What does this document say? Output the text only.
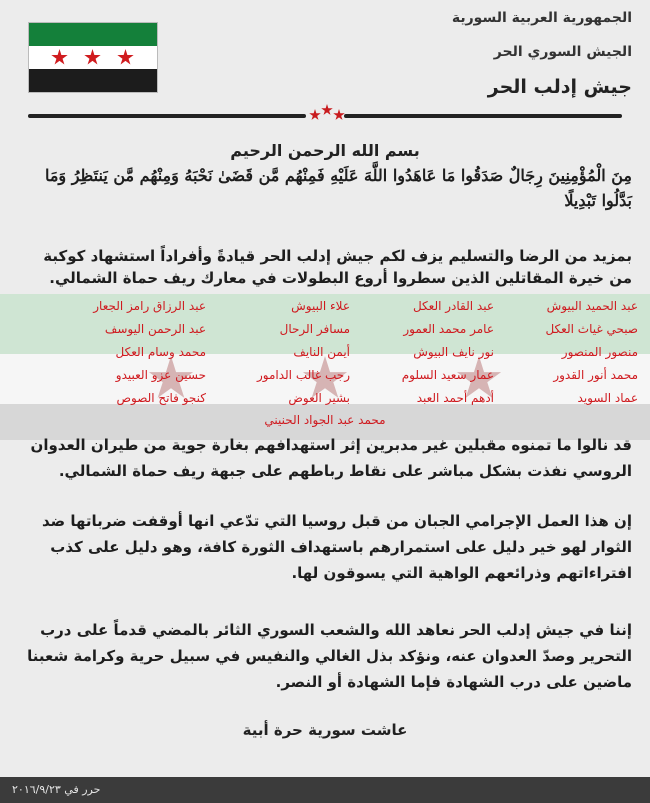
الجمهورية العربية السورية
الجيش السوري الحر
جيش إدلب الحر
بسم الله الرحمن الرحيم
مِنَ الْمُؤْمِنِينَ رِجَالٌ صَدَقُوا مَا عَاهَدُوا اللَّهَ عَلَيْهِ فَمِنْهُم مَّن قَضَىٰ نَحْبَهُ وَمِنْهُم مَّن يَنتَظِرُ وَمَا بَدَّلُوا تَبْدِيلًا
بمزيد من الرضا والتسليم يزف لكم جيش إدلب الحر قيادةً وأفراداً استشهاد كوكبة من خيرة المقاتلين الذين سطروا أروع البطولات في معارك ريف حماة الشمالي.
عبد الحميد البيوش
عبد القادر العكل
علاء البيوش
عبد الرزاق رامز الجعار
صبحي غياث العكل
عامر محمد العمور
مسافر الرحال
عبد الرحمن اليوسف
منصور المنصور
نور نايف البيوش
أيمن النايف
محمد وسام العكل
محمد أنور القدور
عمار سعيد السلوم
رجب غالب الدامور
حسين عزو العبيدو
عماد السويد
أدهم أحمد العبد
بشير العوض
كنجو فاتح الصوص
محمد عبد الجواد الحنيني
قد نالوا ما تمنوه مقبلين غير مدبرين إثر استهدافهم بغارة جوية من طيران العدوان الروسي نفذت بشكل مباشر على نقاط رباطهم على جبهة ريف حماة الشمالي.
إن هذا العمل الإجرامي الجبان من قبل روسيا التي تدّعي انها أوقفت ضرباتها ضد الثوار لهو خير دليل على استمرارهم باستهداف الثورة كافة، وهو دليل على كذب افتراءاتهم وذرائعهم الواهية التي يسوقون لها.
إننا في جيش إدلب الحر نعاهد الله والشعب السوري الثائر بالمضي قدماً على درب التحرير وصدّ العدوان عنه، ونؤكد بذل الغالي والنفيس في سبيل حرية وكرامة شعبنا ماضين على درب الشهادة فإما الشهادة أو النصر.
عاشت سورية حرة أبية
حرر في ٢٠١٦/٩/٢٣
